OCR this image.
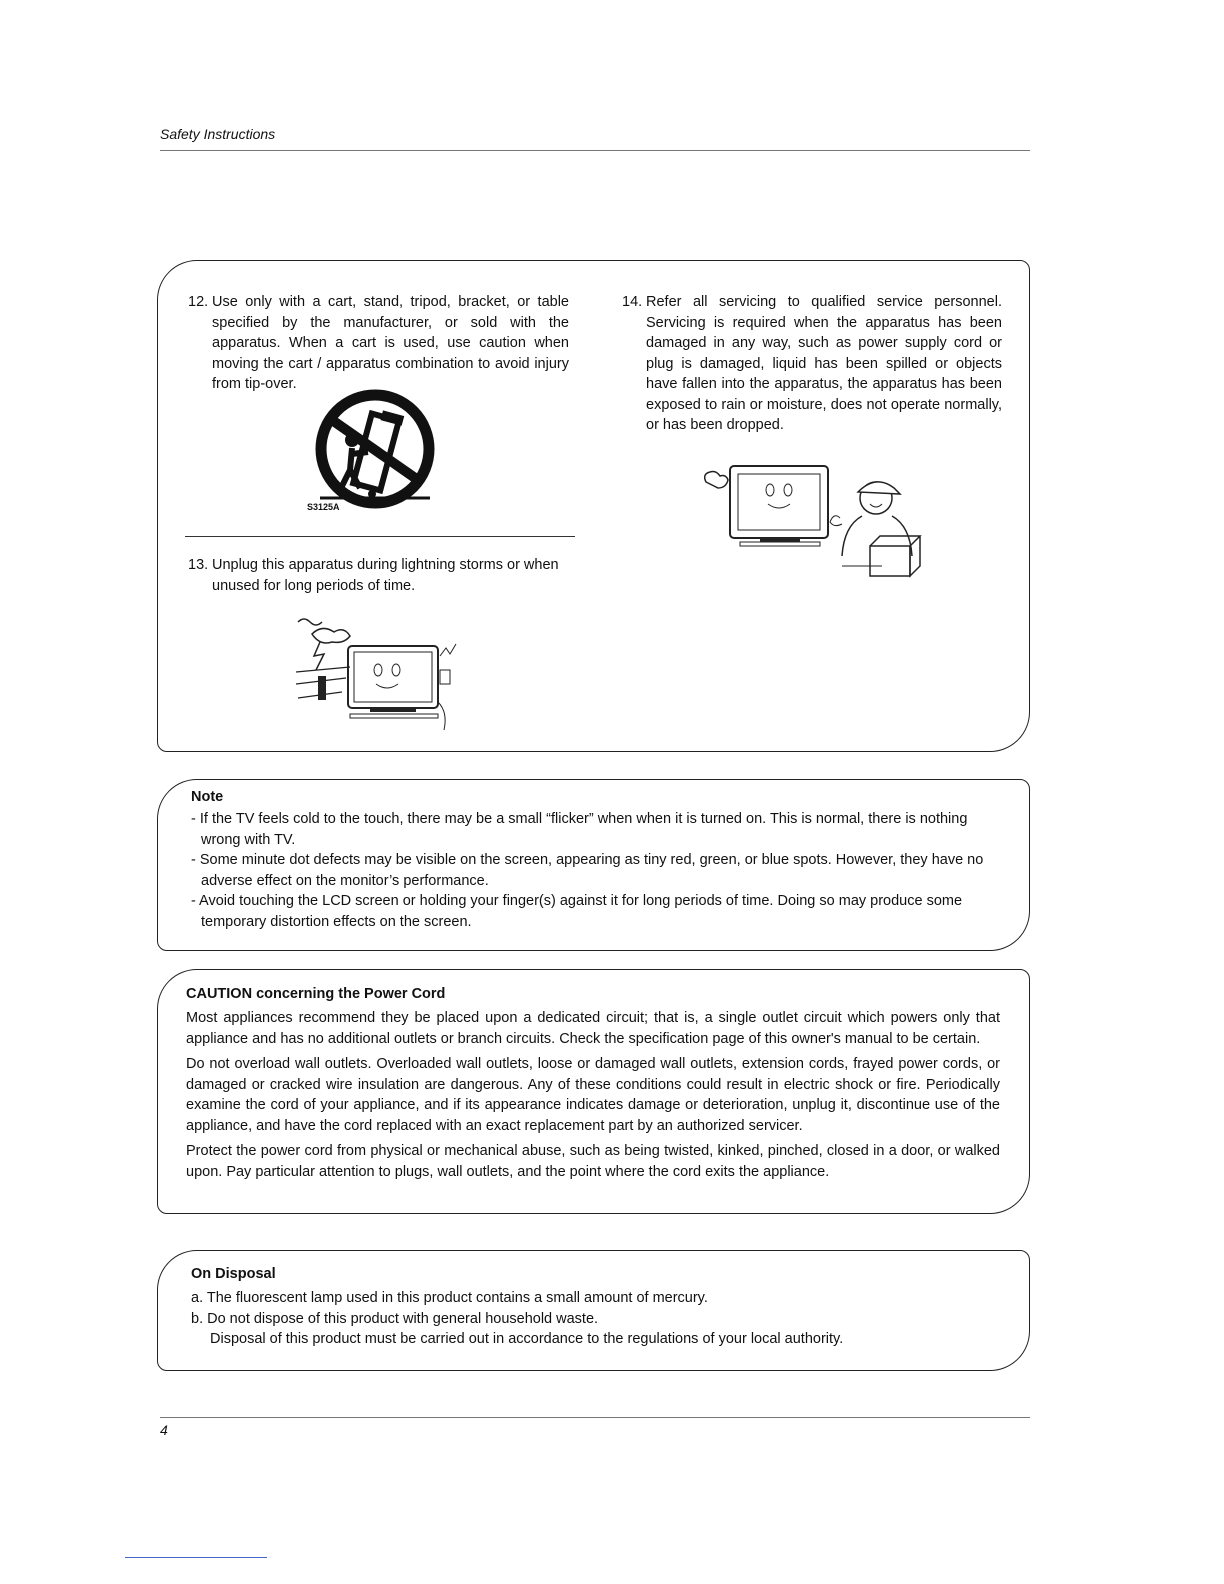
Safety Instructions
12. Use only with a cart, stand, tripod, bracket, or table specified by the manufacturer, or sold with the apparatus. When a cart is used, use caution when moving the cart / apparatus combination to avoid injury from tip-over.

S3125A
13. Unplug this apparatus during lightning storms or when unused for long periods of time.

14. Refer all servicing to qualified service personnel. Servicing is required when the apparatus has been damaged in any way, such as power supply cord or plug is damaged, liquid has been spilled or objects have fallen into the apparatus, the apparatus has been exposed to rain or moisture, does not operate normally, or has been dropped.

Note

- If the TV feels cold to the touch, there may be a small “flicker” when when it is turned on. This is normal, there is nothing wrong with TV.

- Some minute dot defects may be visible on the screen, appearing as tiny red, green, or blue spots. However, they have no adverse effect on the monitor’s performance.

- Avoid touching the LCD screen or holding your finger(s) against it for long periods of time. Doing so may produce some temporary distortion effects on the screen.

CAUTION concerning the Power Cord

Most appliances recommend they be placed upon a dedicated circuit; that is, a single outlet circuit which powers only that appliance and has no additional outlets or branch circuits. Check the specification page of this owner's manual to be certain.

Do not overload wall outlets. Overloaded wall outlets, loose or damaged wall outlets, extension cords, frayed power cords, or damaged or cracked wire insulation are dangerous. Any of these conditions could result in electric shock or fire. Periodically examine the cord of your appliance, and if its appearance indicates damage or deterioration, unplug it, discontinue use of the appliance, and have the cord replaced with an exact replacement part by an authorized servicer.

Protect the power cord from physical or mechanical abuse, such as being twisted, kinked, pinched, closed in a door, or walked upon. Pay particular attention to plugs, wall outlets, and the point where the cord exits the appliance.

On Disposal

a. The fluorescent lamp used in this product contains a small amount of mercury.

b. Do not dispose of this product with general household waste.

Disposal of this product must be carried out in accordance to the regulations of your local authority.

4
